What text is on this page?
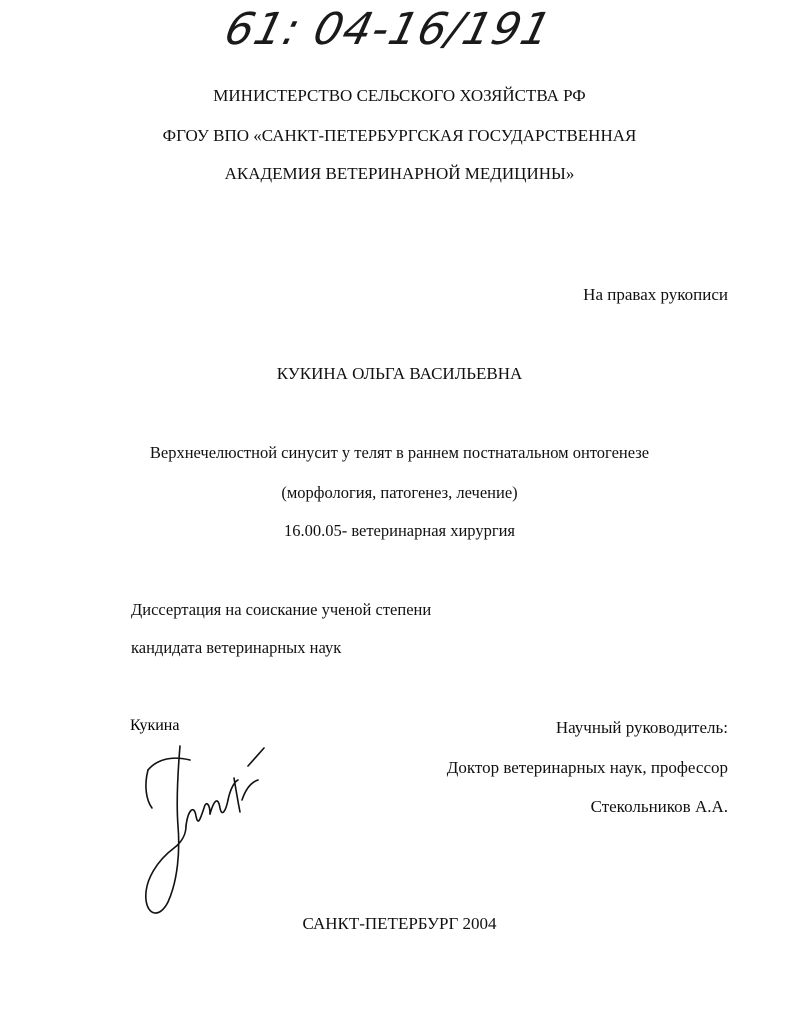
61: 04-16/191
МИНИСТЕРСТВО СЕЛЬСКОГО ХОЗЯЙСТВА РФ
ФГОУ ВПО «САНКТ-ПЕТЕРБУРГСКАЯ ГОСУДАРСТВЕННАЯ
АКАДЕМИЯ ВЕТЕРИНАРНОЙ МЕДИЦИНЫ»
На правах рукописи
КУКИНА ОЛЬГА ВАСИЛЬЕВНА
Верхнечелюстной синусит у телят в раннем постнатальном онтогенезе
(морфология, патогенез, лечение)
16.00.05- ветеринарная хирургия
Диссертация на соискание ученой степени
кандидата ветеринарных наук
Научный руководитель:
Доктор ветеринарных наук, профессор
Стекольников А.А.
Кукина
САНКТ-ПЕТЕРБУРГ 2004
